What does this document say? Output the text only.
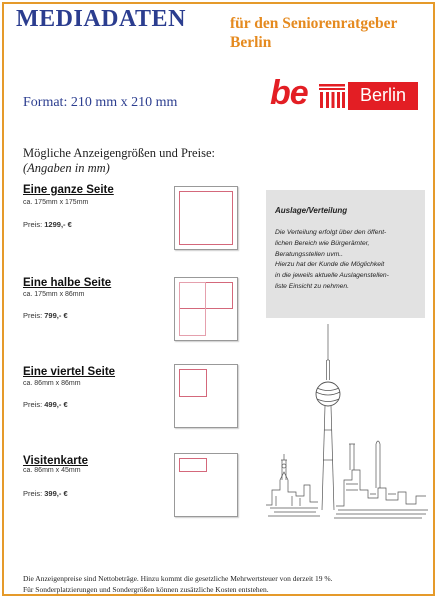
MEDIADATEN	für den Seniorenratgeber
Berlin
be	Berlin
Format: 210 mm x 210 mm
Mögliche Anzeigengrößen und Preise:
(Angaben in mm)
Eine ganze Seite
ca. 175mm x 175mm
Preis: 1299,- €
Eine halbe Seite
ca. 175mm x 86mm
Preis: 799,- €
Eine viertel Seite
ca. 86mm x 86mm
Preis: 499,- €
Visitenkarte
ca. 86mm x 45mm
Preis: 399,- €
Auslage/Verteilung
Die Verteilung erfolgt über den öffent-
lichen Bereich wie Bürgerämter,
Beratungsstellen uvm..
Hierzu hat der Kunde die Möglichkeit
in die jeweils aktuelle Auslagenstellen-
liste Einsicht zu nehmen.
Die Anzeigenpreise sind Nettobeträge. Hinzu kommt die gesetzliche Mehrwertsteuer von derzeit 19 %.
Für Sonderplatzierungen und Sondergrößen können zusätzliche Kosten entstehen.
